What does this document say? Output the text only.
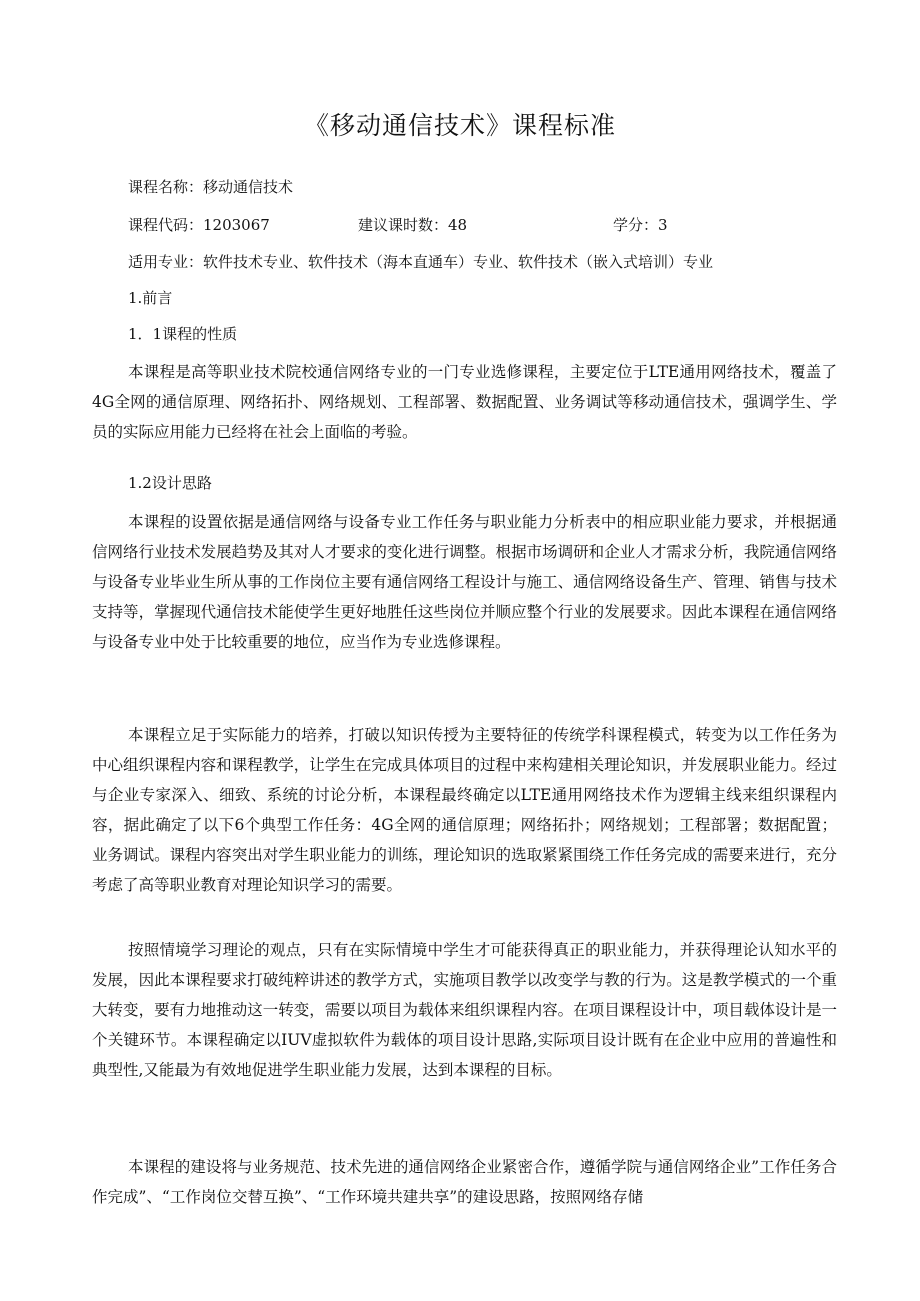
《移动通信技术》课程标准
课程名称：移动通信技术
课程代码：1203067	建议课时数：48	学分：3
适用专业：软件技术专业、软件技术（海本直通车）专业、软件技术（嵌入式培训）专业
1.前言
1．1课程的性质

本课程是高等职业技术院校通信网络专业的一门专业选修课程，主要定位于LTE通用网络技术，覆盖了4G全网的通信原理、网络拓扑、网络规划、工程部署、数据配置、业务调试等移动通信技术，强调学生、学员的实际应用能力已经将在社会上面临的考验。

1.2设计思路

本课程的设置依据是通信网络与设备专业工作任务与职业能力分析表中的相应职业能力要求，并根据通信网络行业技术发展趋势及其对人才要求的变化进行调整。根据市场调研和企业人才需求分析，我院通信网络与设备专业毕业生所从事的工作岗位主要有通信网络工程设计与施工、通信网络设备生产、管理、销售与技术支持等，掌握现代通信技术能使学生更好地胜任这些岗位并顺应整个行业的发展要求。因此本课程在通信网络与设备专业中处于比较重要的地位，应当作为专业选修课程。

本课程立足于实际能力的培养，打破以知识传授为主要特征的传统学科课程模式，转变为以工作任务为中心组织课程内容和课程教学，让学生在完成具体项目的过程中来构建相关理论知识，并发展职业能力。经过与企业专家深入、细致、系统的讨论分析，本课程最终确定以LTE通用网络技术作为逻辑主线来组织课程内容，据此确定了以下6个典型工作任务：4G全网的通信原理；网络拓扑；网络规划；工程部署；数据配置；业务调试。课程内容突出对学生职业能力的训练，理论知识的选取紧紧围绕工作任务完成的需要来进行，充分考虑了高等职业教育对理论知识学习的需要。

按照情境学习理论的观点，只有在实际情境中学生才可能获得真正的职业能力，并获得理论认知水平的发展，因此本课程要求打破纯粹讲述的教学方式，实施项目教学以改变学与教的行为。这是教学模式的一个重大转变，要有力地推动这一转变，需要以项目为载体来组织课程内容。在项目课程设计中，项目载体设计是一个关键环节。本课程确定以IUV虚拟软件为载体的项目设计思路,实际项目设计既有在企业中应用的普遍性和典型性,又能最为有效地促进学生职业能力发展，达到本课程的目标。

本课程的建设将与业务规范、技术先进的通信网络企业紧密合作，遵循学院与通信网络企业”工作任务合作完成”、“工作岗位交替互换”、“工作环境共建共享”的建设思路，按照网络存储
